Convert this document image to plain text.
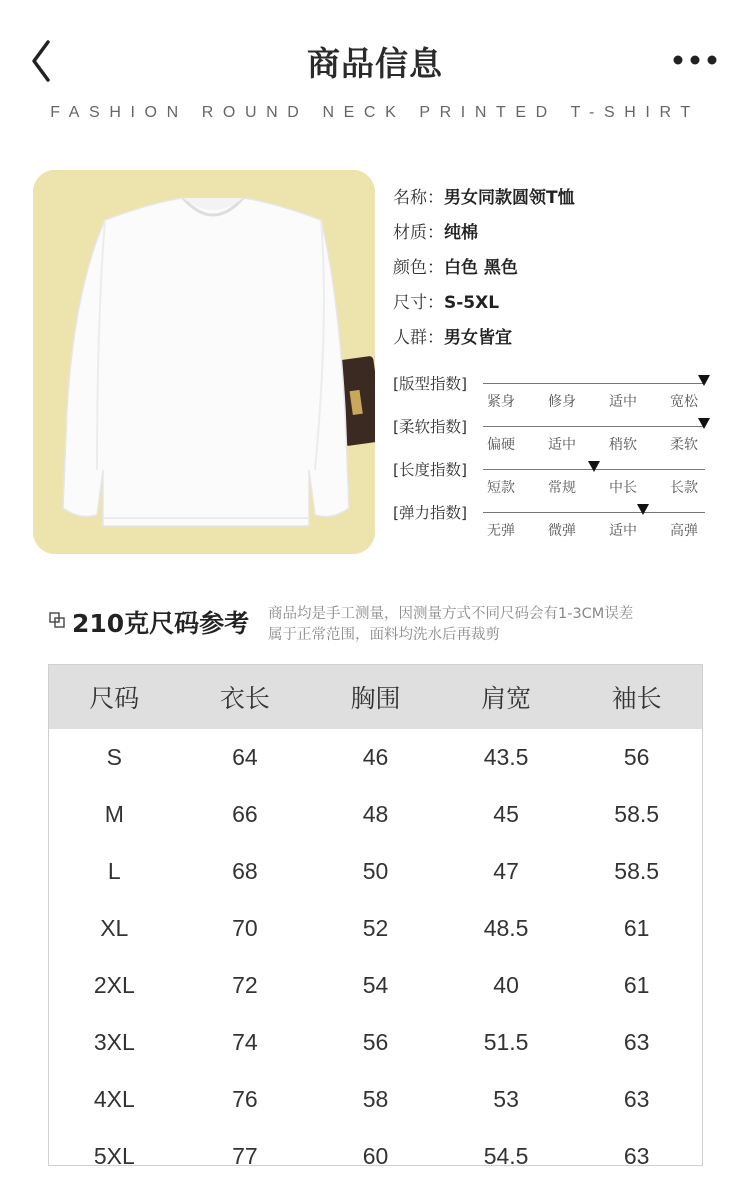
商品信息
FASHION ROUND NECK PRINTED T-SHIRT
名称：男女同款圆领T恤
材质：纯棉
颜色：白色 黑色
尺寸：S-5XL
人群：男女皆宜
[版型指数]
紧身 修身 适中 宽松
[柔软指数]
偏硬 适中 稍软 柔软
[长度指数]
短款 常规 中长 长款
[弹力指数]
无弹 微弹 适中 高弹
210克尺码参考 商品均是手工测量，因测量方式不同尺码会有1-3CM误差
属于正常范围，面料均洗水后再裁剪
尺码	衣长	胸围	肩宽	袖长
S	64	46	43.5	56
M	66	48	45	58.5
L	68	50	47	58.5
XL	70	52	48.5	61
2XL	72	54	40	61
3XL	74	56	51.5	63
4XL	76	58	53	63
5XL	77	60	54.5	63
